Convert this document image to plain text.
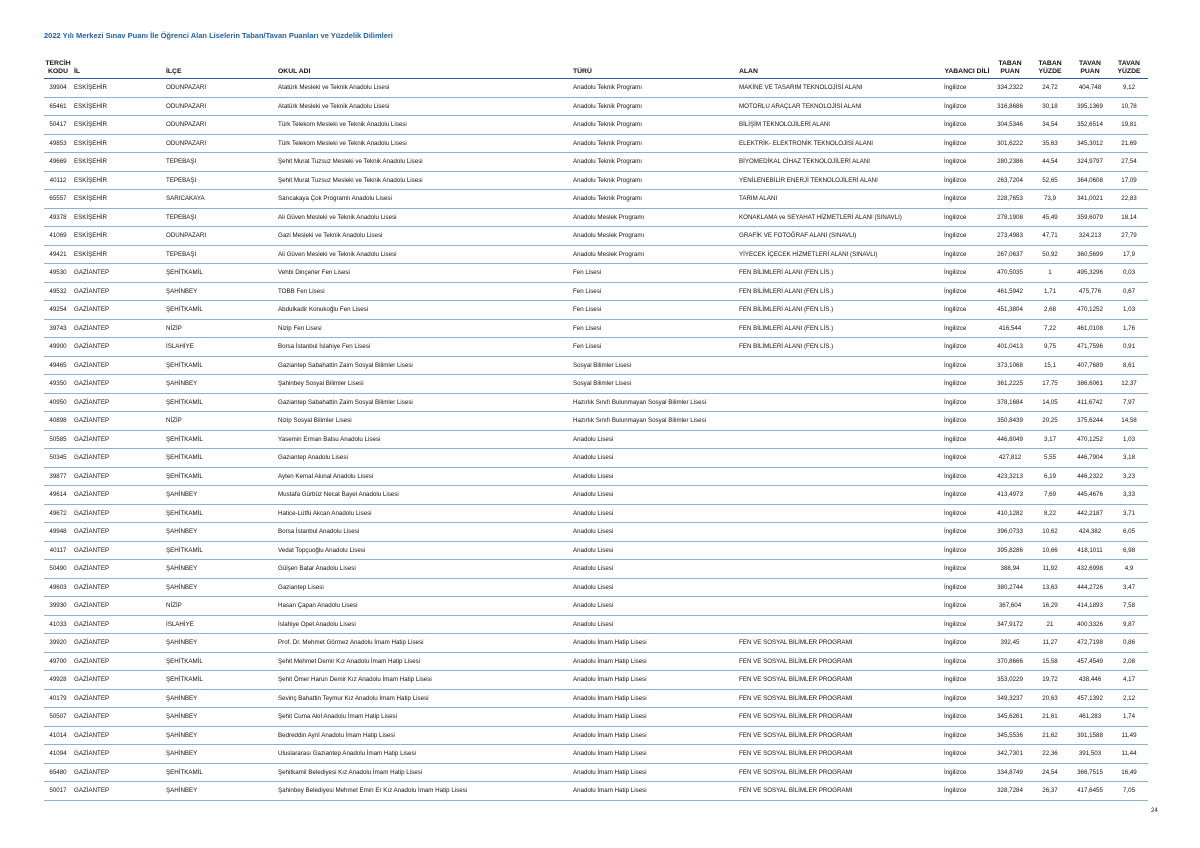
2022 Yılı Merkezi Sınav Puanı İle Öğrenci Alan Liselerin Taban/Tavan Puanları ve Yüzdelik Dilimleri
TERCİH KODU	İL	İLÇE	OKUL ADI	TÜRÜ	ALAN	YABANCI DİLİ	TABAN PUAN	TABAN YÜZDE	TAVAN PUAN	TAVAN YÜZDE
39904	ESKİŞEHİR	ODUNPAZARI	Atatürk Mesleki ve Teknik Anadolu Lisesi	Anadolu Teknik Programı	MAKİNE VE TASARIM TEKNOLOJİSİ ALANI	İngilizce	334,2322	24,72	404,748	9,12
65461	ESKİŞEHİR	ODUNPAZARI	Atatürk Mesleki ve Teknik Anadolu Lisesi	Anadolu Teknik Programı	MOTORLU ARAÇLAR TEKNOLOJİSİ ALANI	İngilizce	316,8686	30,18	395,1369	10,78
50417	ESKİŞEHİR	ODUNPAZARI	Türk Telekom Mesleki ve Teknik Anadolu Lisesi	Anadolu Teknik Programı	BİLİŞİM TEKNOLOJİLERİ ALANI	İngilizce	304,5346	34,54	352,6514	19,81
49853	ESKİŞEHİR	ODUNPAZARI	Türk Telekom Mesleki ve Teknik Anadolu Lisesi	Anadolu Teknik Programı	ELEKTRİK- ELEKTRONİK TEKNOLOJİSİ ALANI	İngilizce	301,6222	35,63	345,3012	21,69
49669	ESKİŞEHİR	TEPEBAŞI	Şehit Murat Tuzsuz Mesleki ve Teknik Anadolu Lisesi	Anadolu Teknik Programı	BİYOMEDİKAL CİHAZ TEKNOLOJİLERİ ALANI	İngilizce	280,2386	44,54	324,9797	27,54
40112	ESKİŞEHİR	TEPEBAŞI	Şehit Murat Tuzsuz Mesleki ve Teknik Anadolu Lisesi	Anadolu Teknik Programı	YENİLENEBİLİR ENERJİ TEKNOLOJİLERİ ALANI	İngilizce	263,7204	52,65	364,0608	17,09
65557	ESKİŞEHİR	SARICAKAYA	Sarıcakaya Çok Programlı Anadolu Lisesi	Anadolu Teknik Programı	TARIM ALANI	İngilizce	228,7653	73,9	341,0021	22,83
49378	ESKİŞEHİR	TEPEBAŞI	Ali Güven Mesleki ve Teknik Anadolu Lisesi	Anadolu Meslek Programı	KONAKLAMA ve SEYAHAT HİZMETLERİ ALANI (SINAVLI)	İngilizce	278,1908	45,49	359,6079	18,14
41069	ESKİŞEHİR	ODUNPAZARI	Gazi Mesleki ve Teknik Anadolu Lisesi	Anadolu Meslek Programı	GRAFİK VE FOTOĞRAF ALANI (SINAVLI)	İngilizce	273,4983	47,71	324,213	27,79
49421	ESKİŞEHİR	TEPEBAŞI	Ali Güven Mesleki ve Teknik Anadolu Lisesi	Anadolu Meslek Programı	YİYECEK İÇECEK HİZMETLERİ ALANI (SINAVLI)	İngilizce	267,0637	50,92	360,5699	17,9
49530	GAZİANTEP	ŞEHİTKAMİL	Vehbi Dinçerler Fen Lisesi	Fen Lisesi	FEN BİLİMLERİ ALANI (FEN LİS.)	İngilizce	470,5035	1	495,3296	0,03
49532	GAZİANTEP	ŞAHİNBEY	TOBB Fen Lisesi	Fen Lisesi	FEN BİLİMLERİ ALANI (FEN LİS.)	İngilizce	461,5942	1,71	475,776	0,67
49254	GAZİANTEP	ŞEHİTKAMİL	Abdulkadir Konukoğlu Fen Lisesi	Fen Lisesi	FEN BİLİMLERİ ALANI (FEN LİS.)	İngilizce	451,3804	2,68	470,1252	1,03
39743	GAZİANTEP	NİZİP	Nizip Fen Lisesi	Fen Lisesi	FEN BİLİMLERİ ALANI (FEN LİS.)	İngilizce	416,544	7,22	461,0108	1,76
49900	GAZİANTEP	İSLAHİYE	Borsa İstanbul İslahiye Fen Lisesi	Fen Lisesi	FEN BİLİMLERİ ALANI (FEN LİS.)	İngilizce	401,0413	9,75	471,7596	0,91
49465	GAZİANTEP	ŞEHİTKAMİL	Gaziantep Sabahattin Zaim Sosyal Bilimler Lisesi	Sosyal Bilimler Lisesi		İngilizce	373,1068	15,1	407,7689	8,61
49350	GAZİANTEP	ŞAHİNBEY	Şahinbey Sosyal Bilimler Lisesi	Sosyal Bilimler Lisesi		İngilizce	361,2225	17,75	386,6061	12,37
40950	GAZİANTEP	ŞEHİTKAMİL	Gaziantep Sabahattin Zaim Sosyal Bilimler Lisesi	Hazırlık Sınıfı Bulunmayan Sosyal Bilimler Lisesi		İngilizce	378,1684	14,05	411,6742	7,97
40898	GAZİANTEP	NİZİP	Nizip Sosyal Bilimler Lisesi	Hazırlık Sınıfı Bulunmayan Sosyal Bilimler Lisesi		İngilizce	350,8439	20,25	375,6244	14,58
50585	GAZİANTEP	ŞEHİTKAMİL	Yasemin Erman Balsu Anadolu Lisesi	Anadolu Lisesi		İngilizce	446,8049	3,17	470,1252	1,03
50345	GAZİANTEP	ŞEHİTKAMİL	Gaziantep Anadolu Lisesi	Anadolu Lisesi		İngilizce	427,812	5,55	446,7904	3,18
39877	GAZİANTEP	ŞEHİTKAMİL	Ayten Kemal Akınal Anadolu Lisesi	Anadolu Lisesi		İngilizce	423,3213	6,19	446,2322	3,23
49614	GAZİANTEP	ŞAHİNBEY	Mustafa Gürbüz Necat Bayel Anadolu Lisesi	Anadolu Lisesi		İngilizce	413,4973	7,69	445,4676	3,33
49672	GAZİANTEP	ŞEHİTKAMİL	Hatice-Lütfü Akcan Anadolu Lisesi	Anadolu Lisesi		İngilizce	410,1282	8,22	442,2187	3,71
49948	GAZİANTEP	ŞAHİNBEY	Borsa İstanbul Anadolu Lisesi	Anadolu Lisesi		İngilizce	396,0733	10,62	424,382	6,05
40117	GAZİANTEP	ŞEHİTKAMİL	Vedat Topçuoğlu Anadolu Lisesi	Anadolu Lisesi		İngilizce	395,8286	10,66	418,1011	6,98
50490	GAZİANTEP	ŞAHİNBEY	Gülşen Batar Anadolu Lisesi	Anadolu Lisesi		İngilizce	388,94	11,92	432,6998	4,9
49603	GAZİANTEP	ŞAHİNBEY	Gaziantep Lisesi	Anadolu Lisesi		İngilizce	380,2744	13,63	444,2726	3,47
39930	GAZİANTEP	NİZİP	Hasan Çapan Anadolu Lisesi	Anadolu Lisesi		İngilizce	367,604	16,29	414,1893	7,58
41033	GAZİANTEP	İSLAHİYE	İslahiye Opet Anadolu Lisesi	Anadolu Lisesi		İngilizce	347,9172	21	400,3326	9,87
39920	GAZİANTEP	ŞAHİNBEY	Prof. Dr. Mehmet Görmez Anadolu İmam Hatip Lisesi	Anadolu İmam Hatip Lisesi	FEN VE SOSYAL BİLİMLER PROGRAMI	İngilizce	392,45	11,27	472,7198	0,86
49700	GAZİANTEP	ŞEHİTKAMİL	Şehit Mehmet Demir Kız Anadolu İmam Hatip Lisesi	Anadolu İmam Hatip Lisesi	FEN VE SOSYAL BİLİMLER PROGRAMI	İngilizce	370,8666	15,58	457,4549	2,08
49928	GAZİANTEP	ŞEHİTKAMİL	Şehit Ömer Harun Demir Kız Anadolu İmam Hatip Lisesi	Anadolu İmam Hatip Lisesi	FEN VE SOSYAL BİLİMLER PROGRAMI	İngilizce	353,0229	19,72	438,446	4,17
40179	GAZİANTEP	ŞAHİNBEY	Sevinç Bahattin Teymur Kız Anadolu İmam Hatip Lisesi	Anadolu İmam Hatip Lisesi	FEN VE SOSYAL BİLİMLER PROGRAMI	İngilizce	349,3237	20,63	457,1392	2,12
50507	GAZİANTEP	ŞAHİNBEY	Şehit Cuma Akıl Anadolu İmam Hatip Lisesi	Anadolu İmam Hatip Lisesi	FEN VE SOSYAL BİLİMLER PROGRAMI	İngilizce	345,6261	21,61	461,283	1,74
41014	GAZİANTEP	ŞAHİNBEY	Bedreddin Aynî Anadolu İmam Hatip Lisesi	Anadolu İmam Hatip Lisesi	FEN VE SOSYAL BİLİMLER PROGRAMI	İngilizce	345,5536	21,62	391,1588	11,49
41094	GAZİANTEP	ŞAHİNBEY	Uluslararası Gaziantep Anadolu İmam Hatip Lisesi	Anadolu İmam Hatip Lisesi	FEN VE SOSYAL BİLİMLER PROGRAMI	İngilizce	342,7301	22,36	391,503	11,44
65480	GAZİANTEP	ŞEHİTKAMİL	Şehitkamil Belediyesi Kız Anadolu İmam Hatip Lisesi	Anadolu İmam Hatip Lisesi	FEN VE SOSYAL BİLİMLER PROGRAMI	İngilizce	334,8749	24,54	366,7515	16,49
50017	GAZİANTEP	ŞAHİNBEY	Şahinbey Belediyesi Mehmet Emin Er Kız Anadolu İmam Hatip Lisesi	Anadolu İmam Hatip Lisesi	FEN VE SOSYAL BİLİMLER PROGRAMI	İngilizce	328,7284	26,37	417,6455	7,05
24
